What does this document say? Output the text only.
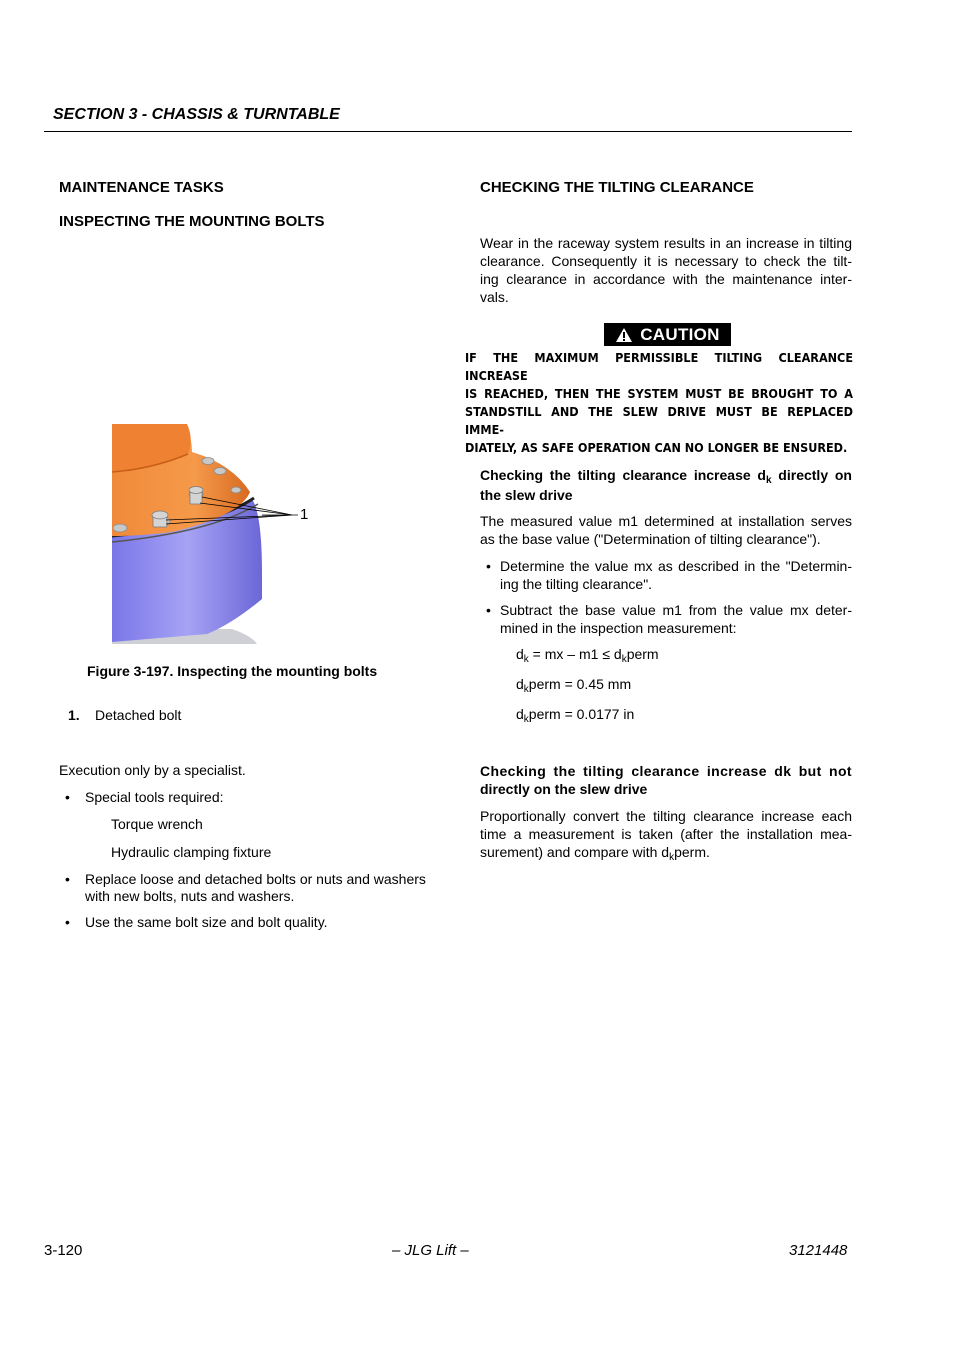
SECTION 3 - CHASSIS & TURNTABLE
MAINTENANCE TASKS
INSPECTING THE MOUNTING BOLTS
1
Figure 3-197. Inspecting the mounting bolts
1. Detached bolt
Execution only by a specialist.
• Special tools required:
Torque wrench
Hydraulic clamping fixture
• Replace loose and detached bolts or nuts and washers
with new bolts, nuts and washers.
• Use the same bolt size and bolt quality.
CHECKING THE TILTING CLEARANCE
Wear in the raceway system results in an increase in tilting
clearance. Consequently it is necessary to check the tilt-
ing clearance in accordance with the maintenance inter-
vals.
CAUTION
IF THE MAXIMUM PERMISSIBLE TILTING CLEARANCE INCREASE
IS REACHED, THEN THE SYSTEM MUST BE BROUGHT TO A
STANDSTILL AND THE SLEW DRIVE MUST BE REPLACED IMME-
DIATELY, AS SAFE OPERATION CAN NO LONGER BE ENSURED.
Checking the tilting clearance increase $d_k$ directly on
the slew drive
The measured value m1 determined at installation serves
as the base value ("Determination of tilting clearance").
• Determine the value mx as described in the "Determin-
ing the tilting clearance".
• Subtract the base value m1 from the value mx deter-
mined in the inspection measurement:
$d_k$ = mx – $m1 \le d_kperm$
$d_kperm = 0.45$ mm
$d_kperm = 0.0177$ in
Checking the tilting clearance increase dk but not
directly on the slew drive
Proportionally convert the tilting clearance increase each
time a measurement is taken (after the installation mea-
surement) and compare with $d_kperm$.
3-120	– JLG Lift –	3121448
